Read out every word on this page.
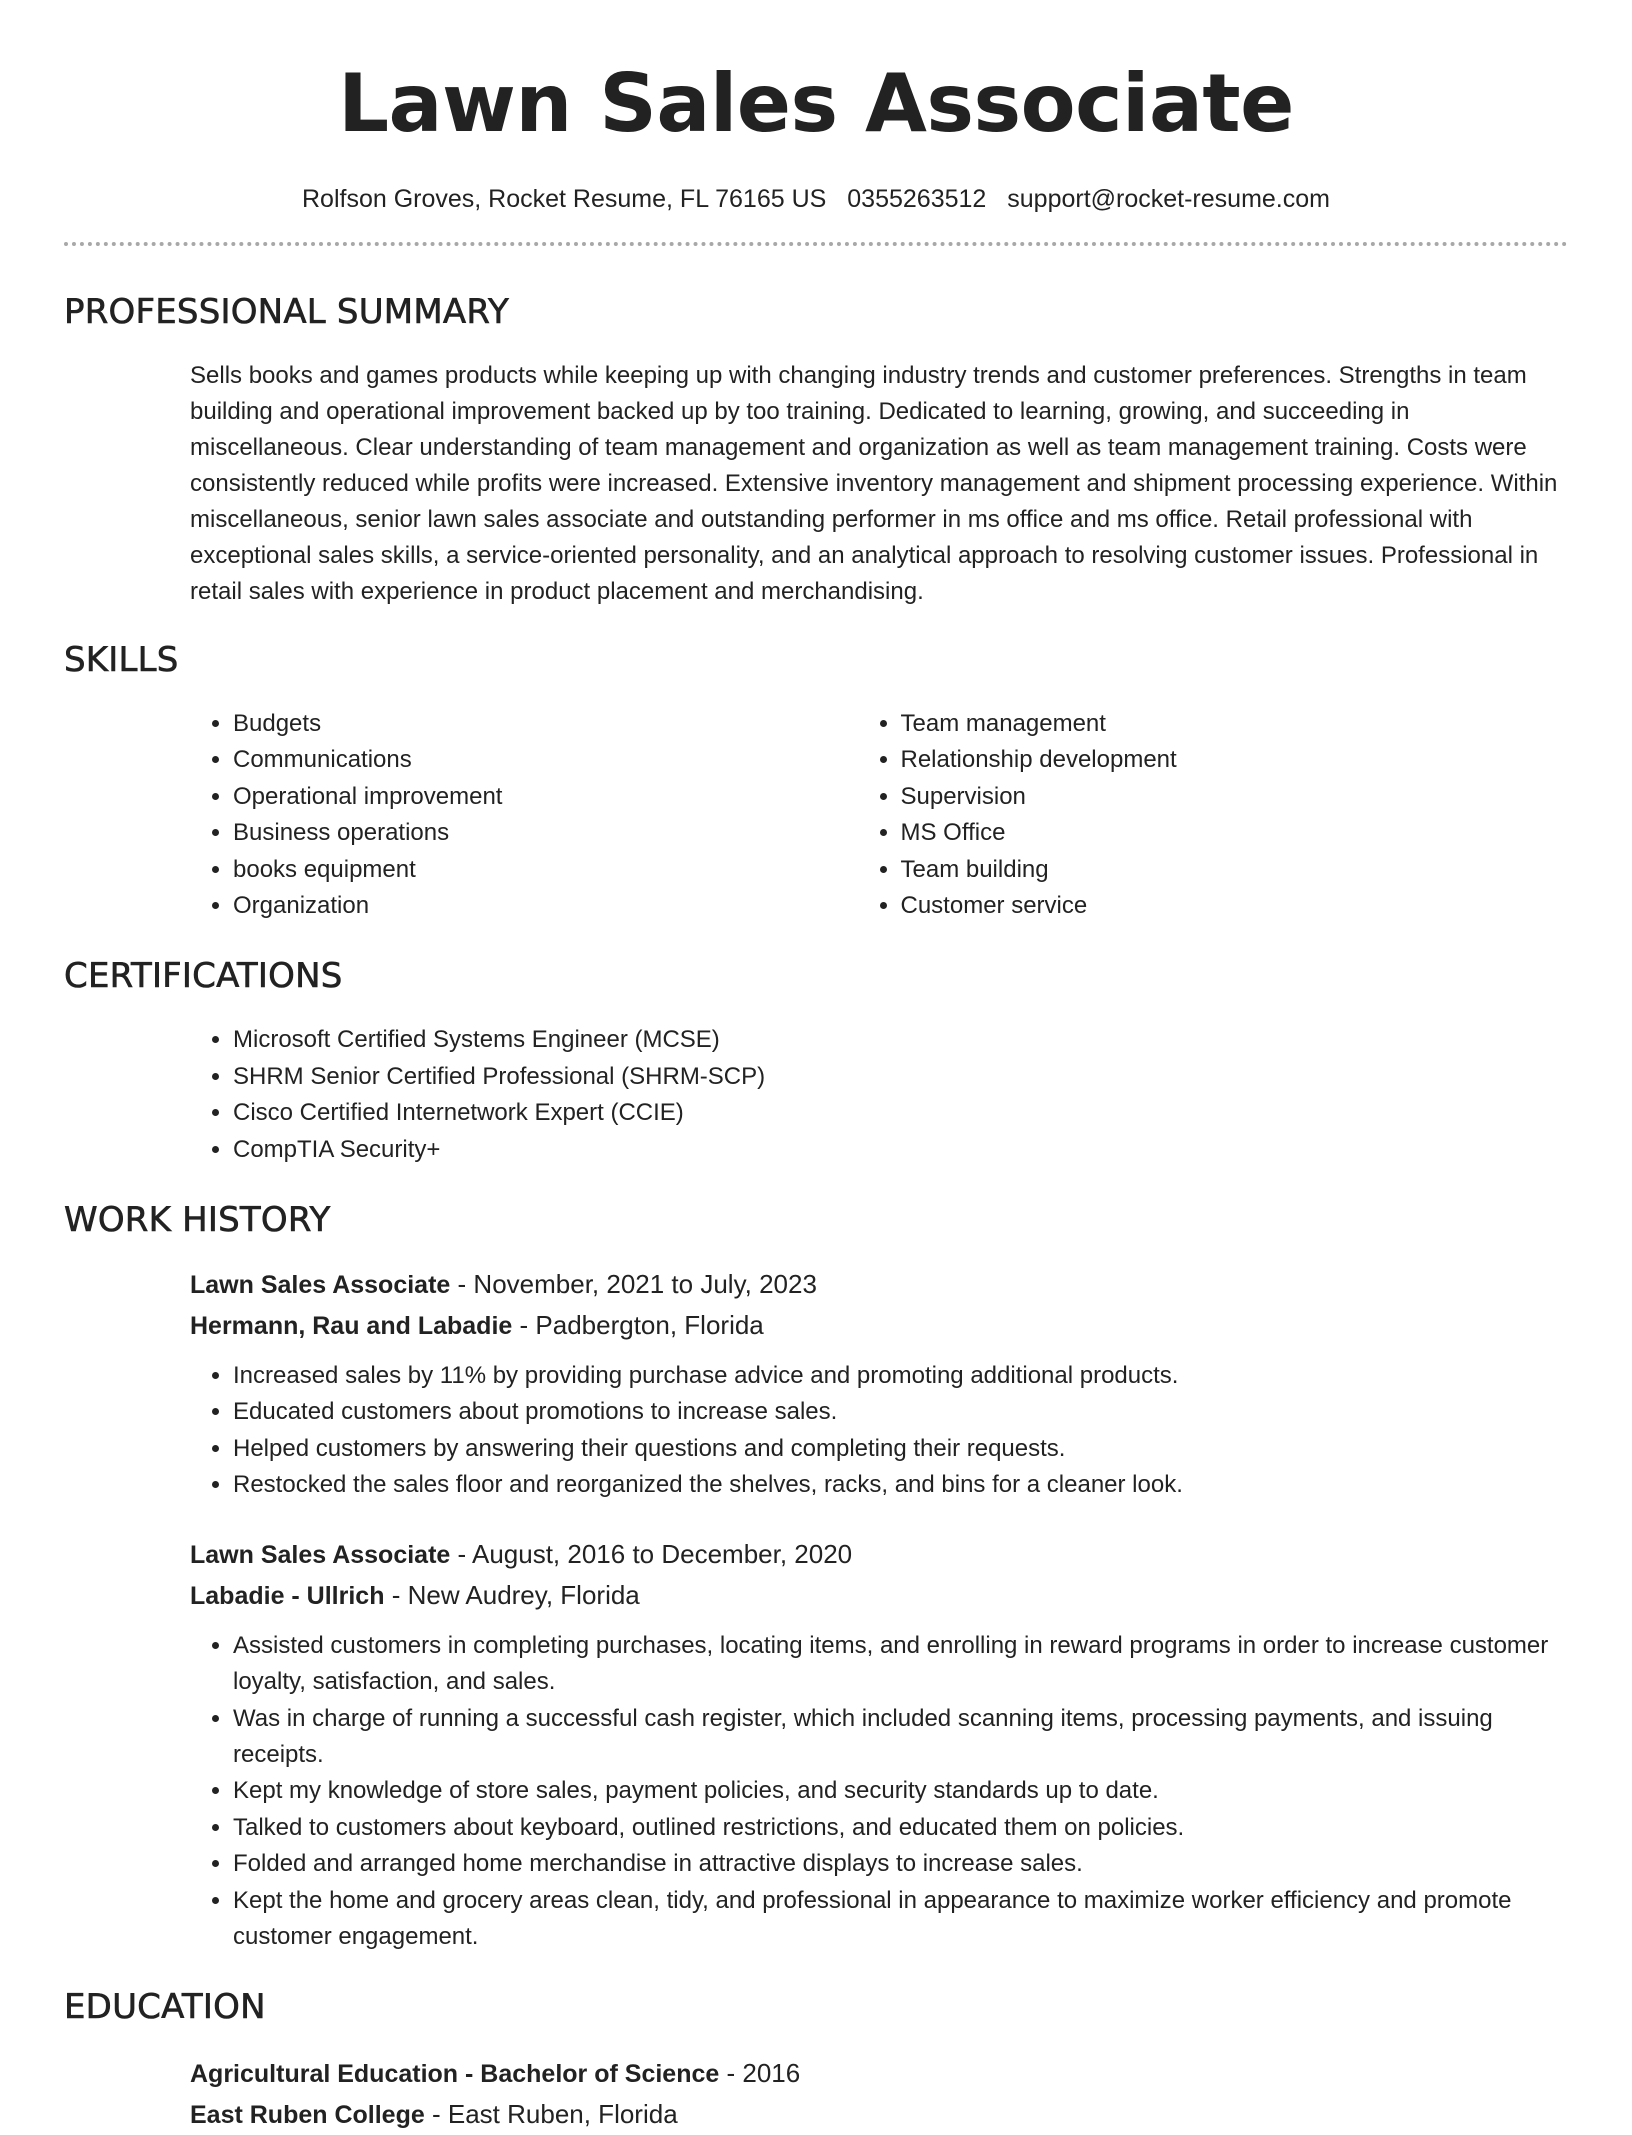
Lawn Sales Associate
Rolfson Groves, Rocket Resume, FL 76165 US 0355263512 support@rocket-resume.com
PROFESSIONAL SUMMARY

Sells books and games products while keeping up with changing industry trends and customer preferences. Strengths in team building and operational improvement backed up by too training. Dedicated to learning, growing, and succeeding in miscellaneous. Clear understanding of team management and organization as well as team management training. Costs were consistently reduced while profits were increased. Extensive inventory management and shipment processing experience. Within miscellaneous, senior lawn sales associate and outstanding performer in ms office and ms office. Retail professional with exceptional sales skills, a service-oriented personality, and an analytical approach to resolving customer issues. Professional in retail sales with experience in product placement and merchandising.

SKILLS
• Budgets
• Communications
• Operational improvement
• Business operations
• books equipment
• Organization
• Team management
• Relationship development
• Supervision
• MS Office
• Team building
• Customer service
CERTIFICATIONS
• Microsoft Certified Systems Engineer (MCSE)
• SHRM Senior Certified Professional (SHRM-SCP)
• Cisco Certified Internetwork Expert (CCIE)
• CompTIA Security+
WORK HISTORY
Lawn Sales Associate - November, 2021 to July, 2023
Hermann, Rau and Labadie - Padbergton, Florida
• Increased sales by 11% by providing purchase advice and promoting additional products.
• Educated customers about promotions to increase sales.
• Helped customers by answering their questions and completing their requests.
• Restocked the sales floor and reorganized the shelves, racks, and bins for a cleaner look.
Lawn Sales Associate - August, 2016 to December, 2020
Labadie - Ullrich - New Audrey, Florida
• Assisted customers in completing purchases, locating items, and enrolling in reward programs in order to increase customer loyalty, satisfaction, and sales.
• Was in charge of running a successful cash register, which included scanning items, processing payments, and issuing receipts.
• Kept my knowledge of store sales, payment policies, and security standards up to date.
• Talked to customers about keyboard, outlined restrictions, and educated them on policies.
• Folded and arranged home merchandise in attractive displays to increase sales.
• Kept the home and grocery areas clean, tidy, and professional in appearance to maximize worker efficiency and promote customer engagement.
EDUCATION
Agricultural Education - Bachelor of Science - 2016
East Ruben College - East Ruben, Florida
